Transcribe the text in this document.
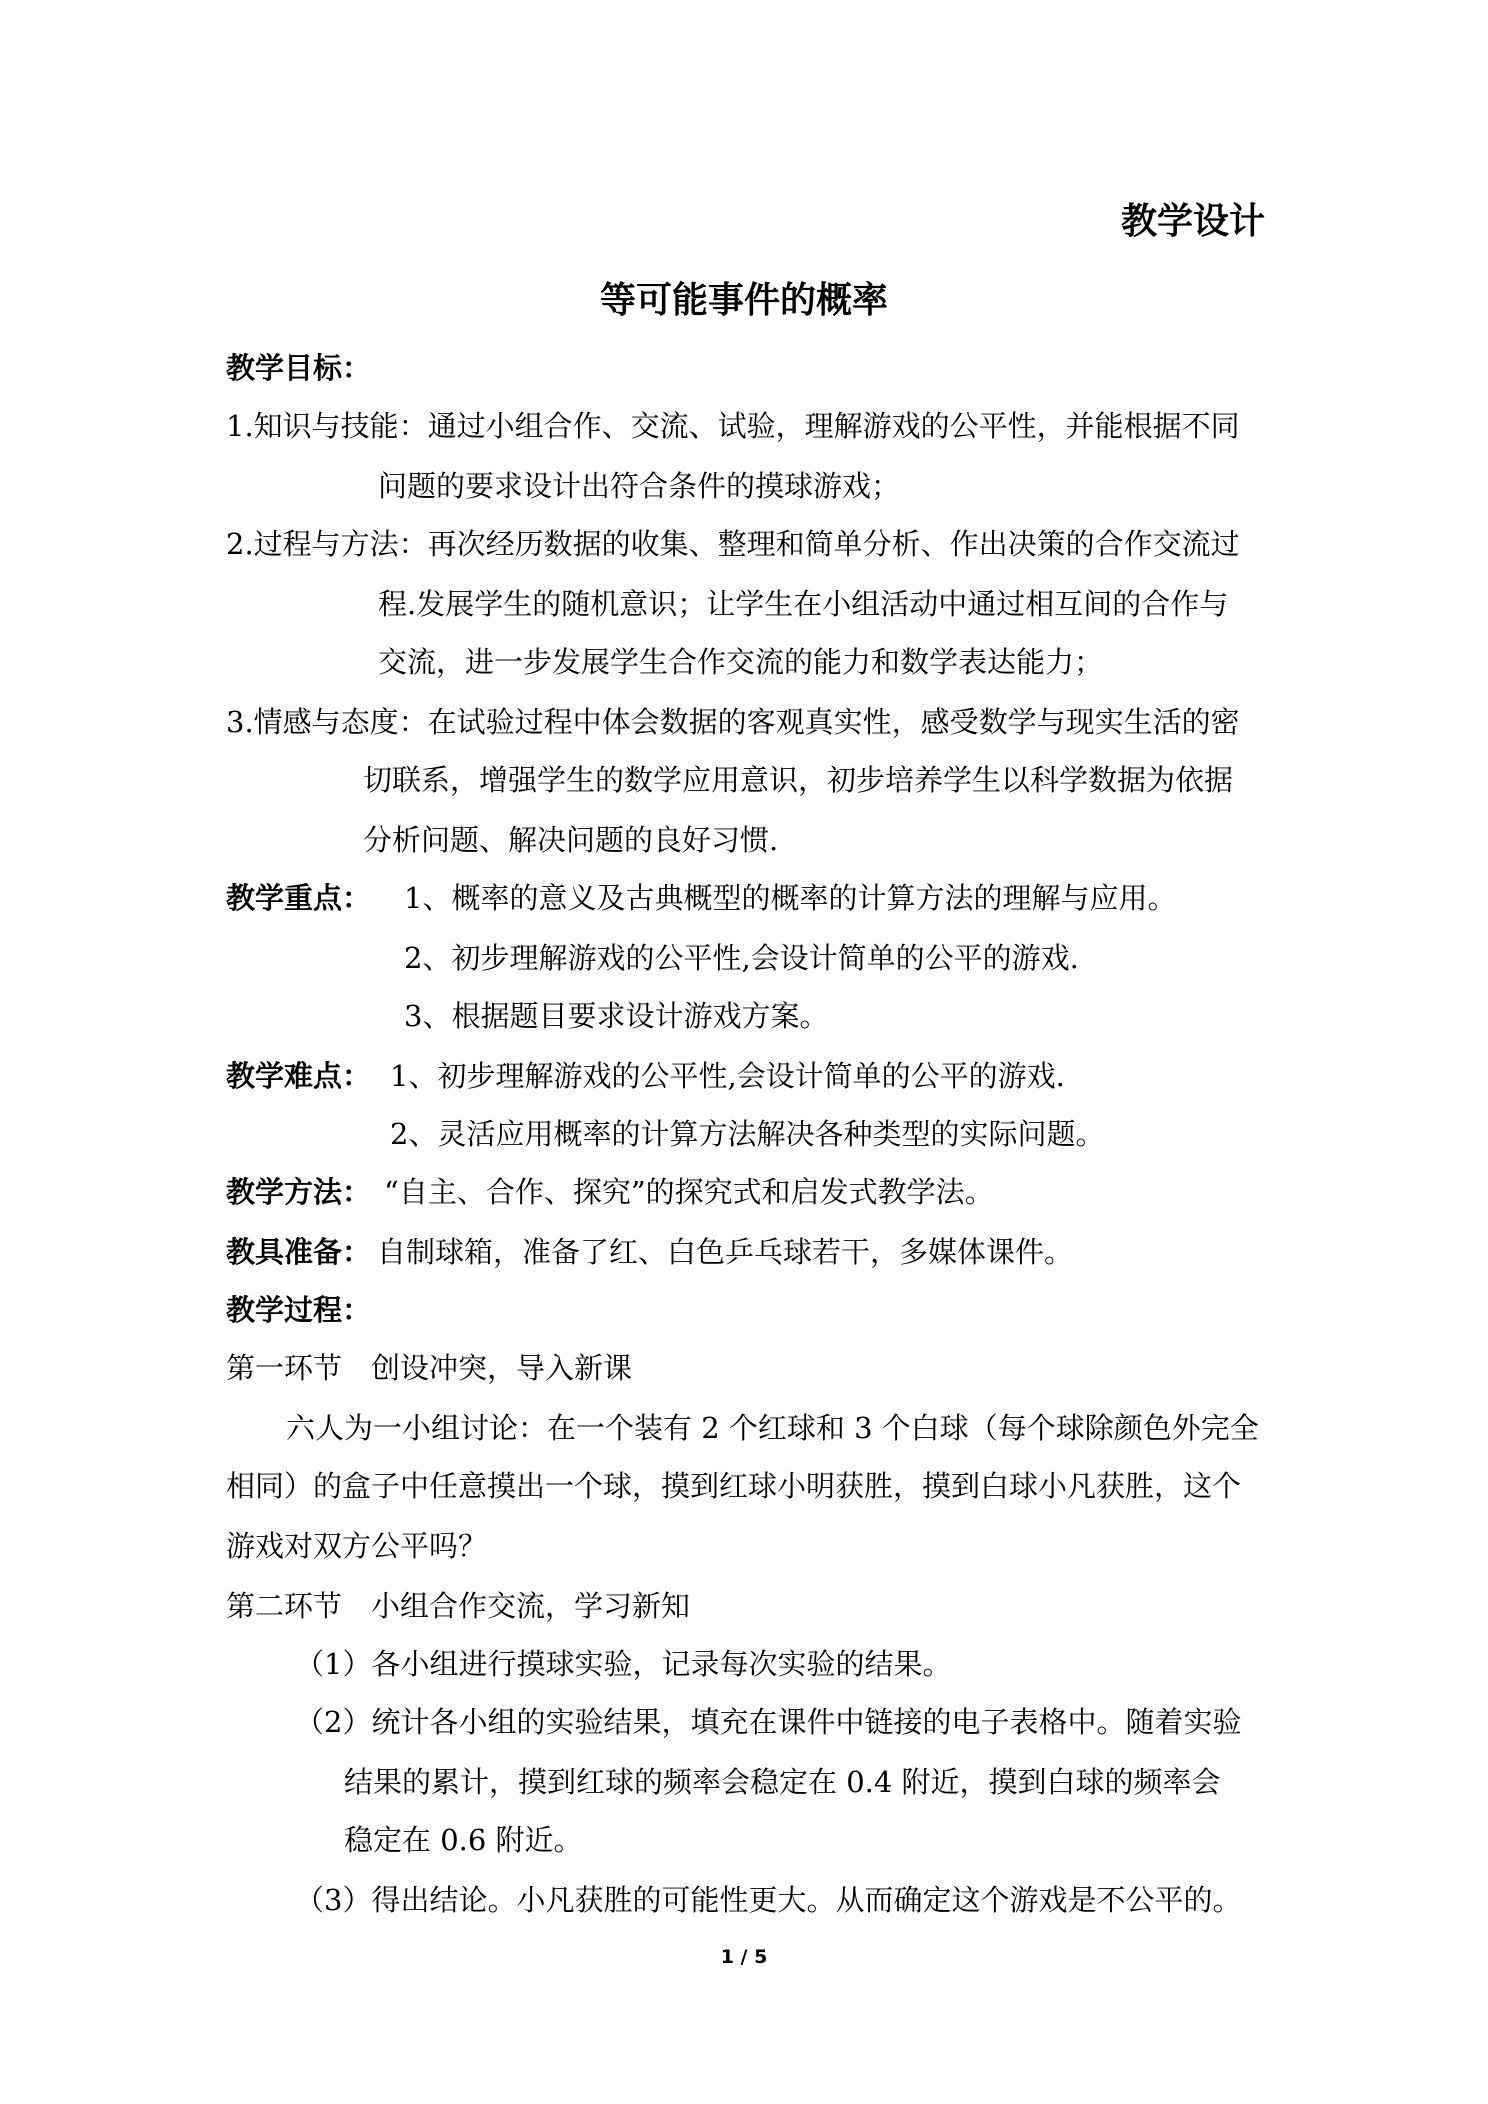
教学设计
等可能事件的概率
教学目标：
1.知识与技能：通过小组合作、交流、试验，理解游戏的公平性，并能根据不同
问题的要求设计出符合条件的摸球游戏；
2.过程与方法：再次经历数据的收集、整理和简单分析、作出决策的合作交流过
程.发展学生的随机意识；让学生在小组活动中通过相互间的合作与
交流，进一步发展学生合作交流的能力和数学表达能力；
3.情感与态度：在试验过程中体会数据的客观真实性，感受数学与现实生活的密
切联系，增强学生的数学应用意识，初步培养学生以科学数据为依据
分析问题、解决问题的良好习惯.
教学重点： 1、概率的意义及古典概型的概率的计算方法的理解与应用。
2、初步理解游戏的公平性,会设计简单的公平的游戏.
3、根据题目要求设计游戏方案。
教学难点： 1、初步理解游戏的公平性,会设计简单的公平的游戏.
2、灵活应用概率的计算方法解决各种类型的实际问题。
教学方法： “自主、合作、探究”的探究式和启发式教学法。
教具准备： 自制球箱，准备了红、白色乒乓球若干，多媒体课件。
教学过程：
第一环节　创设冲突，导入新课
六人为一小组讨论：在一个装有 2 个红球和 3 个白球（每个球除颜色外完全
相同）的盒子中任意摸出一个球，摸到红球小明获胜，摸到白球小凡获胜，这个
游戏对双方公平吗？
第二环节　小组合作交流，学习新知
（1）各小组进行摸球实验，记录每次实验的结果。
（2）统计各小组的实验结果，填充在课件中链接的电子表格中。随着实验
结果的累计，摸到红球的频率会稳定在 0.4 附近，摸到白球的频率会
稳定在 0.6 附近。
（3）得出结论。小凡获胜的可能性更大。从而确定这个游戏是不公平的。
1 / 5
